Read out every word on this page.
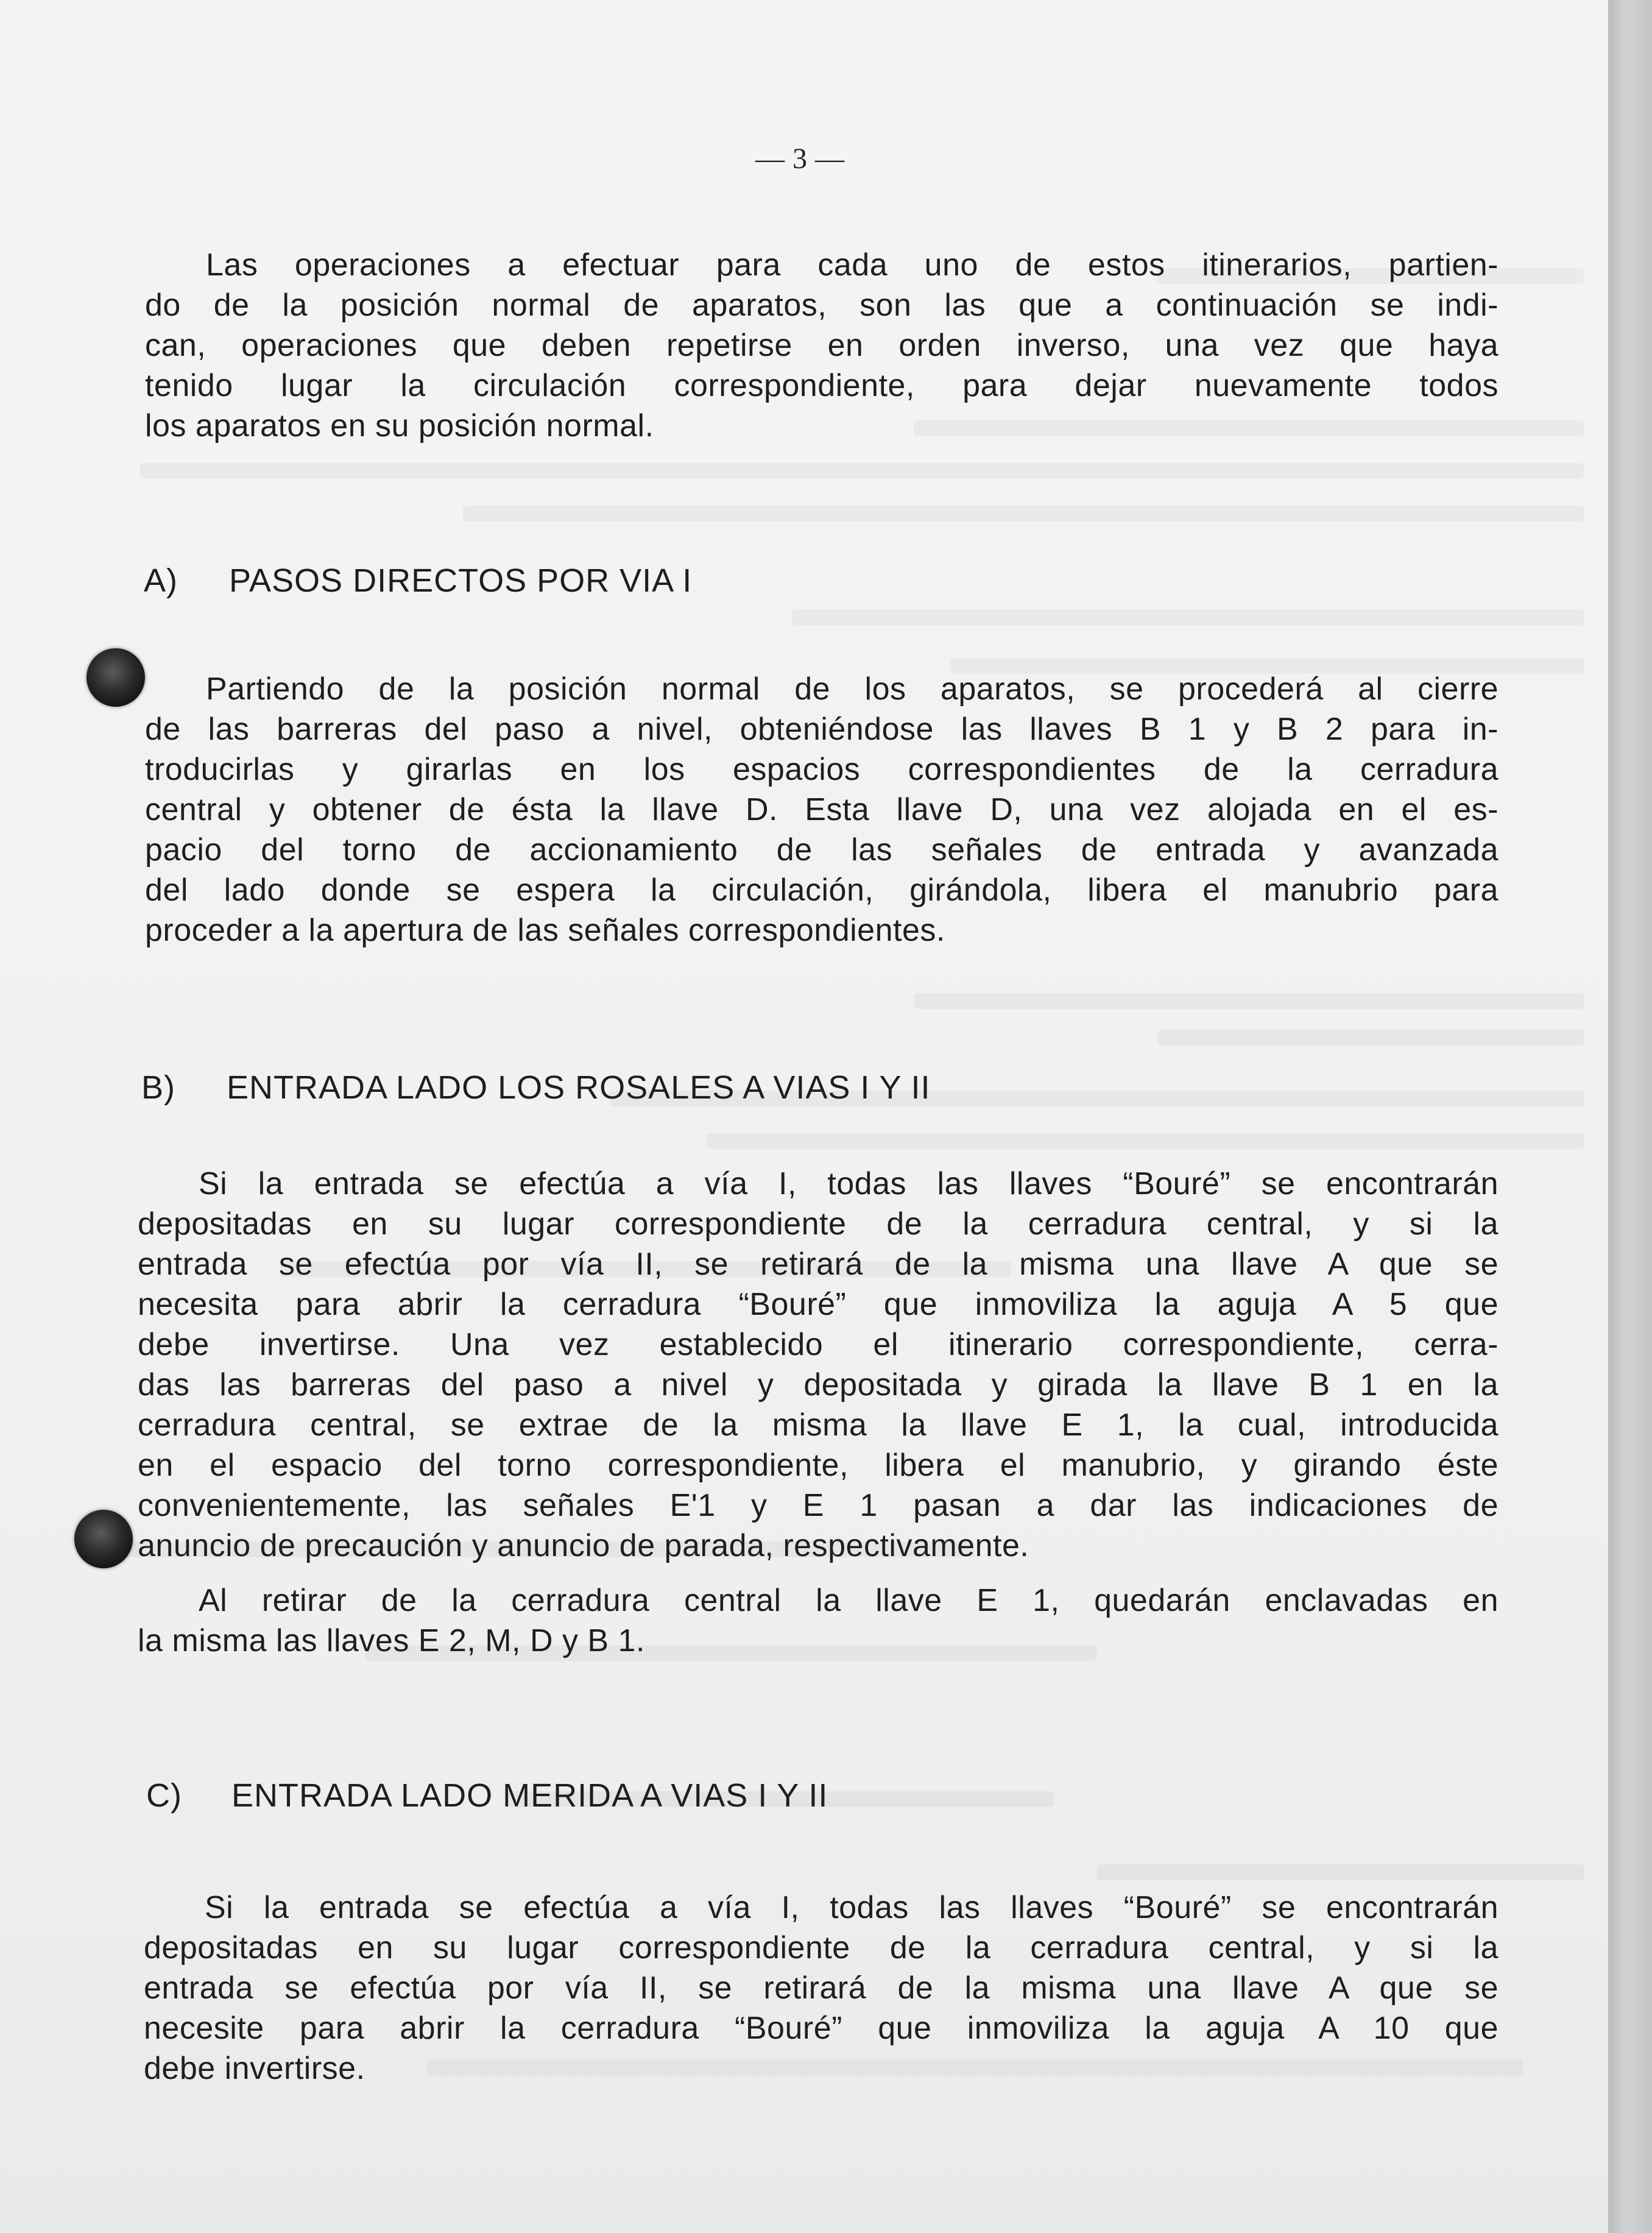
— 3 —
Las operaciones a efectuar para cada uno de estos itinerarios, partien-
do de la posición normal de aparatos, son las que a continuación se indi-
can, operaciones que deben repetirse en orden inverso, una vez que haya
tenido lugar la circulación correspondiente, para dejar nuevamente todos
los aparatos en su posición normal.
A) PASOS DIRECTOS POR VIA I
Partiendo de la posición normal de los aparatos, se procederá al cierre
de las barreras del paso a nivel, obteniéndose las llaves B 1 y B 2 para in-
troducirlas y girarlas en los espacios correspondientes de la cerradura
central y obtener de ésta la llave D. Esta llave D, una vez alojada en el es-
pacio del torno de accionamiento de las señales de entrada y avanzada
del lado donde se espera la circulación, girándola, libera el manubrio para
proceder a la apertura de las señales correspondientes.
B) ENTRADA LADO LOS ROSALES A VIAS I Y II
Si la entrada se efectúa a vía I, todas las llaves “Bouré” se encontrarán
depositadas en su lugar correspondiente de la cerradura central, y si la
entrada se efectúa por vía II, se retirará de la misma una llave A que se
necesita para abrir la cerradura “Bouré” que inmoviliza la aguja A 5 que
debe invertirse. Una vez establecido el itinerario correspondiente, cerra-
das las barreras del paso a nivel y depositada y girada la llave B 1 en la
cerradura central, se extrae de la misma la llave E 1, la cual, introducida
en el espacio del torno correspondiente, libera el manubrio, y girando éste
convenientemente, las señales E'1 y E 1 pasan a dar las indicaciones de
anuncio de precaución y anuncio de parada, respectivamente.
Al retirar de la cerradura central la llave E 1, quedarán enclavadas en
la misma las llaves E 2, M, D y B 1.
C) ENTRADA LADO MERIDA A VIAS I Y II
Si la entrada se efectúa a vía I, todas las llaves “Bouré” se encontrarán
depositadas en su lugar correspondiente de la cerradura central, y si la
entrada se efectúa por vía II, se retirará de la misma una llave A que se
necesite para abrir la cerradura “Bouré” que inmoviliza la aguja A 10 que
debe invertirse.
